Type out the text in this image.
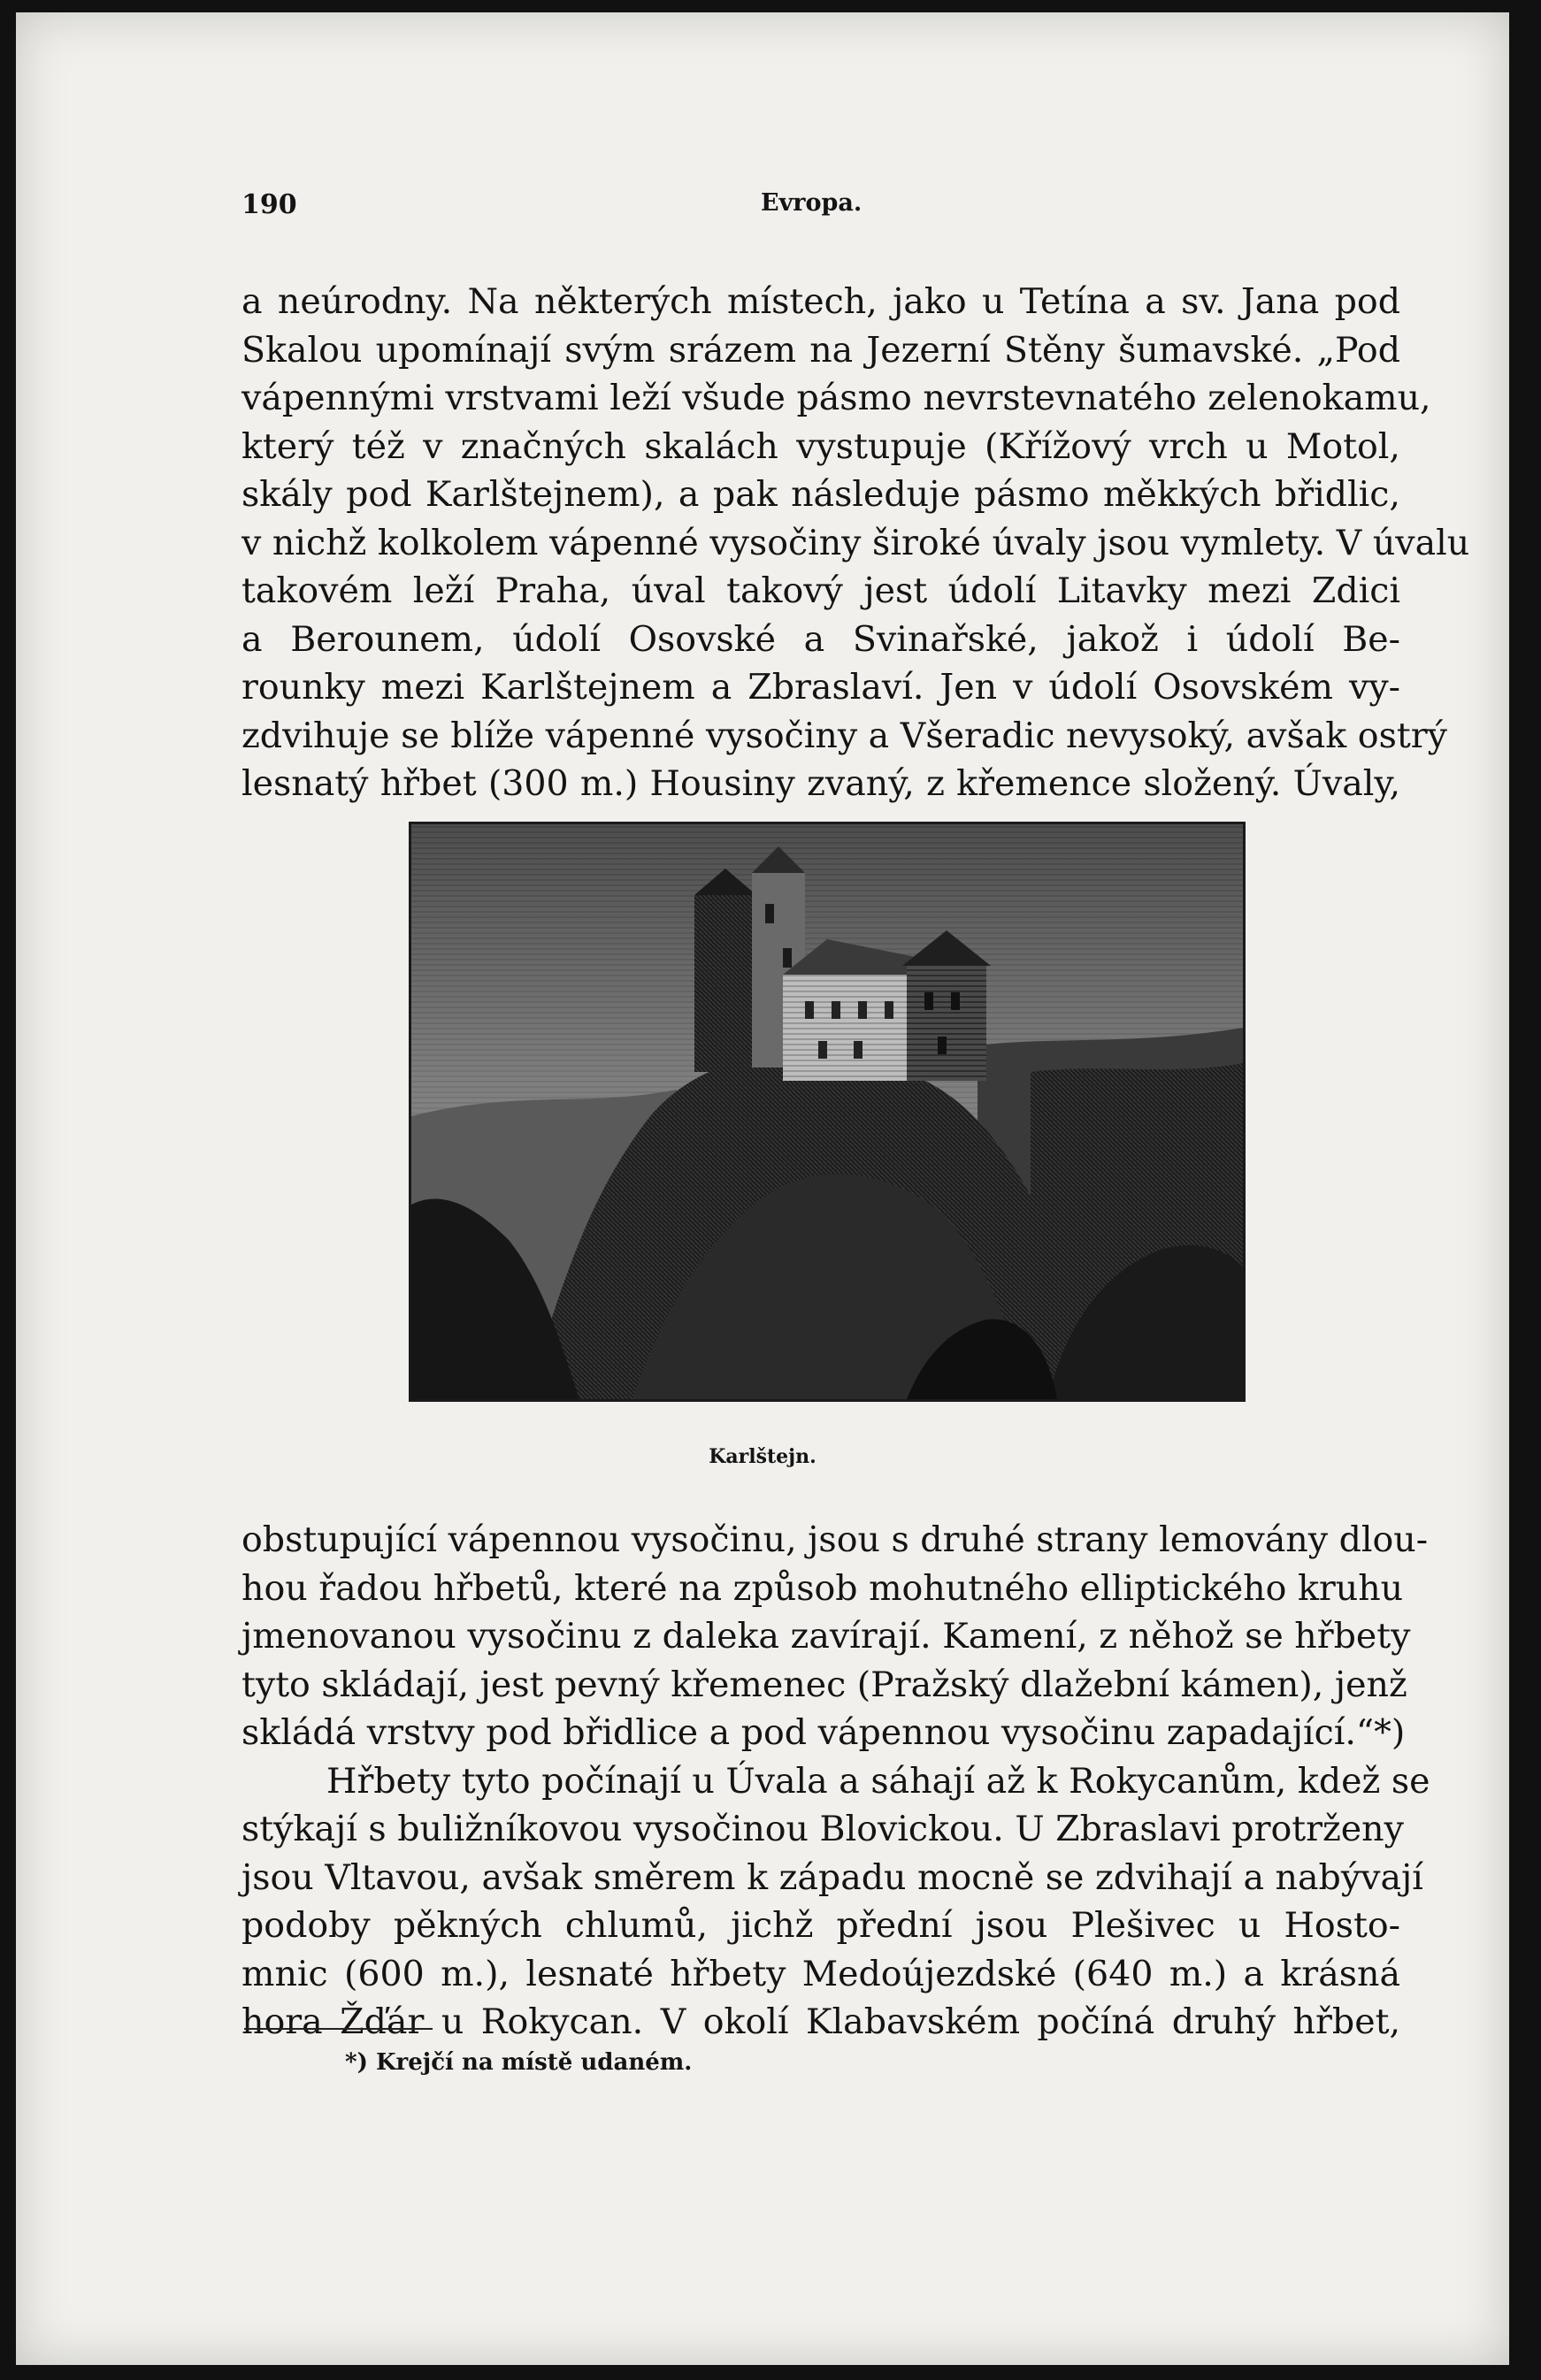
190	Evropa.
a neúrodny. Na některých místech, jako u Tetína a sv. Jana pod
Skalou upomínají svým srázem na Jezerní Stěny šumavské. „Pod
vápennými vrstvami leží všude pásmo nevrstevnatého zelenokamu,
který též v značných skalách vystupuje (Křížový vrch u Motol,
skály pod Karlštejnem), a pak následuje pásmo měkkých břidlic,
v nichž kolkolem vápenné vysočiny široké úvaly jsou vymlety. V úvalu
takovém leží Praha, úval takový jest údolí Litavky mezi Zdici
a Berounem, údolí Osovské a Svinařské, jakož i údolí Be-
rounky mezi Karlštejnem a Zbraslaví. Jen v údolí Osovském vy-
zdvihuje se blíže vápenné vysočiny a Všeradic nevysoký, avšak ostrý
lesnatý hřbet (300 m.) Housiny zvaný, z křemence složený. Úvaly,
Karlštejn.
obstupující vápennou vysočinu, jsou s druhé strany lemovány dlou-
hou řadou hřbetů, které na způsob mohutného elliptického kruhu
jmenovanou vysočinu z daleka zavírají. Kamení, z něhož se hřbety
tyto skládají, jest pevný křemenec (Pražský dlažební kámen), jenž
skládá vrstvy pod břidlice a pod vápennou vysočinu zapadající.“*)
Hřbety tyto počínají u Úvala a sáhají až k Rokycanům, kdež se
stýkají s buližníkovou vysočinou Blovickou. U Zbraslavi protrženy
jsou Vltavou, avšak směrem k západu mocně se zdvihají a nabývají
podoby pěkných chlumů, jichž přední jsou Plešivec u Hosto-
mnic (600 m.), lesnaté hřbety Medoújezdské (640 m.) a krásná
hora Žďár u Rokycan. V okolí Klabavském počíná druhý hřbet,
*) Krejčí na místě udaném.
